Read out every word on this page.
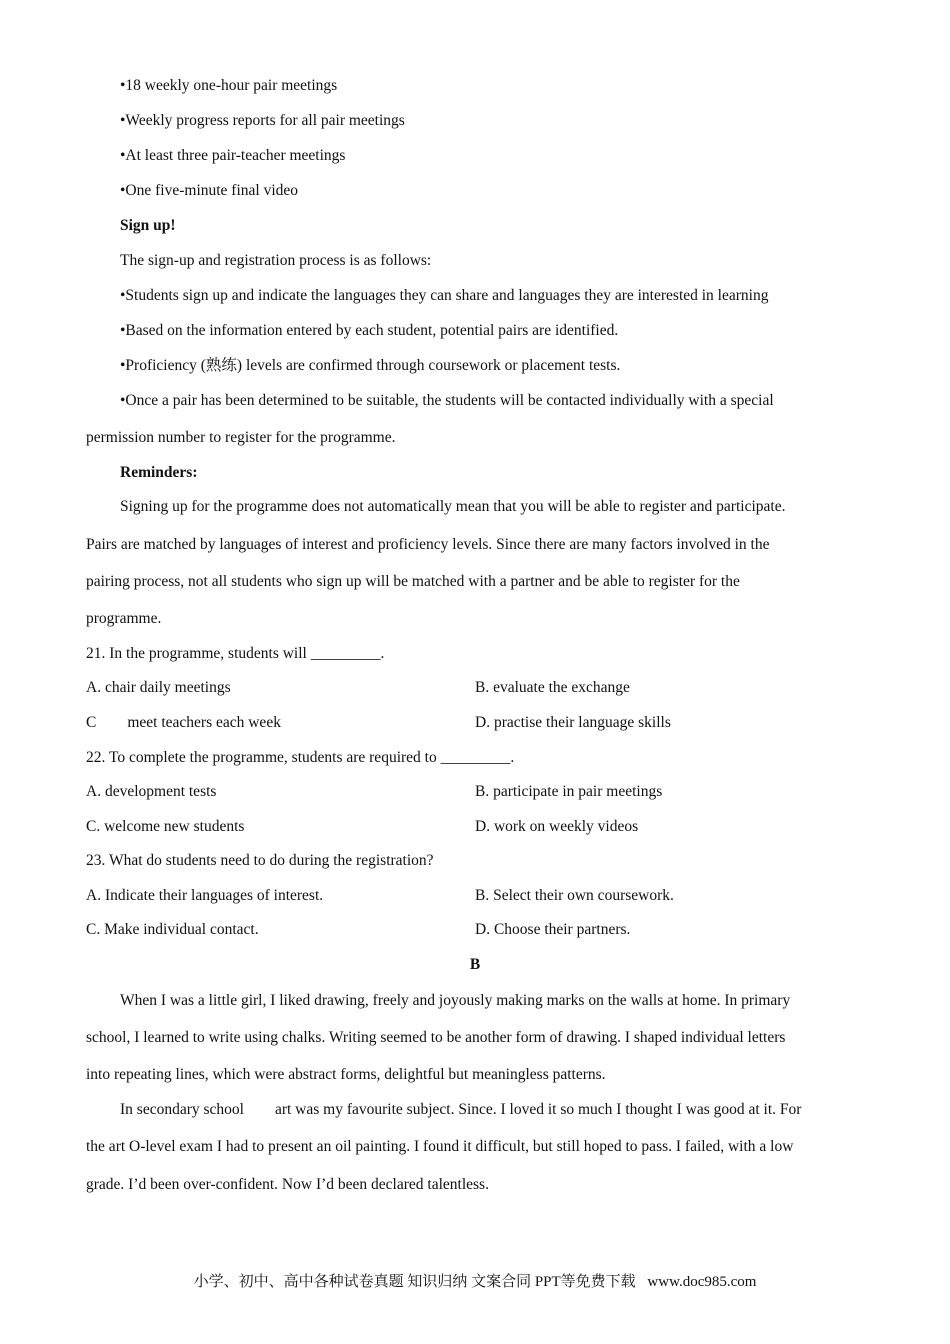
•18 weekly one-hour pair meetings
•Weekly progress reports for all pair meetings
•At least three pair-teacher meetings
•One five-minute final video
Sign up!
The sign-up and registration process is as follows:
•Students sign up and indicate the languages they can share and languages they are interested in learning
•Based on the information entered by each student, potential pairs are identified.
•Proficiency (熟练) levels are confirmed through coursework or placement tests.
•Once a pair has been determined to be suitable, the students will be contacted individually with a special
permission number to register for the programme.
Reminders:
Signing up for the programme does not automatically mean that you will be able to register and participate.
Pairs are matched by languages of interest and proficiency levels. Since there are many factors involved in the
pairing process, not all students who sign up will be matched with a partner and be able to register for the
programme.
21. In the programme, students will _________.
A. chair daily meetings	B. evaluate the exchange
C        meet teachers each week	D. practise their language skills
22. To complete the programme, students are required to _________.
A. development tests	B. participate in pair meetings
C. welcome new students	D. work on weekly videos
23. What do students need to do during the registration?
A. Indicate their languages of interest.	B. Select their own coursework.
C. Make individual contact.	D. Choose their partners.
B
When I was a little girl, I liked drawing, freely and joyously making marks on the walls at home. In primary
school, I learned to write using chalks. Writing seemed to be another form of drawing. I shaped individual letters
into repeating lines, which were abstract forms, delightful but meaningless patterns.
In secondary school        art was my favourite subject. Since. I loved it so much I thought I was good at it. For
the art O-level exam I had to present an oil painting. I found it difficult, but still hoped to pass. I failed, with a low
grade. I’d been over-confident. Now I’d been declared talentless.
小学、初中、高中各种试卷真题 知识归纳 文案合同 PPT等免费下载 www.doc985.com
